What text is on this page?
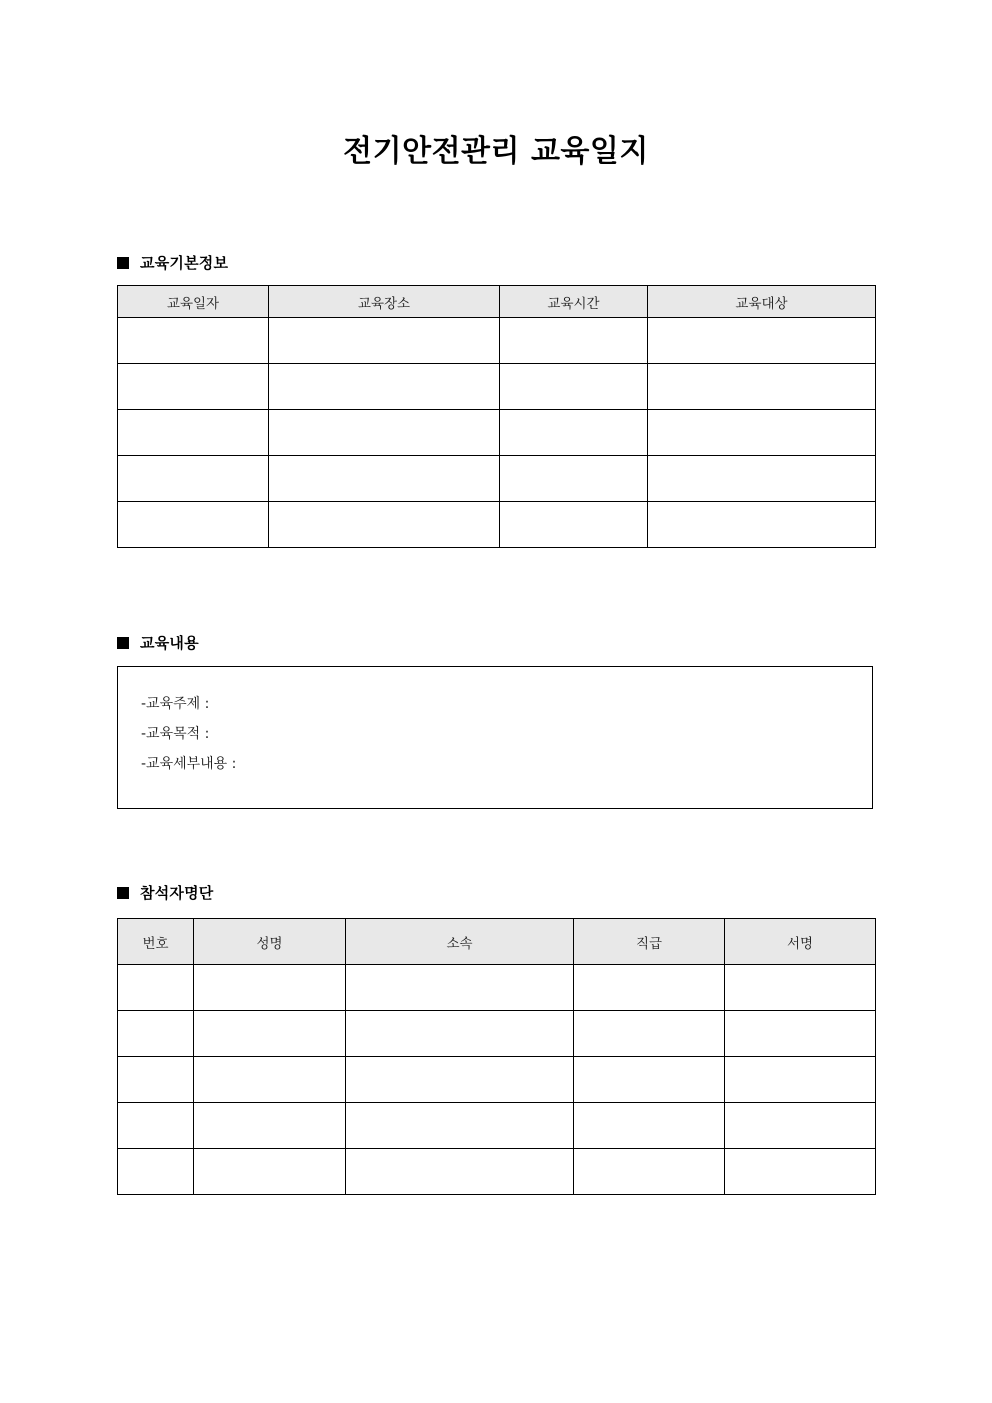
전기안전관리 교육일지
교육기본정보
교육일자	교육장소	교육시간	교육대상

교육내용
-교육주제 :
-교육목적 :
-교육세부내용 :
참석자명단
번호	성명	소속	직급	서명
